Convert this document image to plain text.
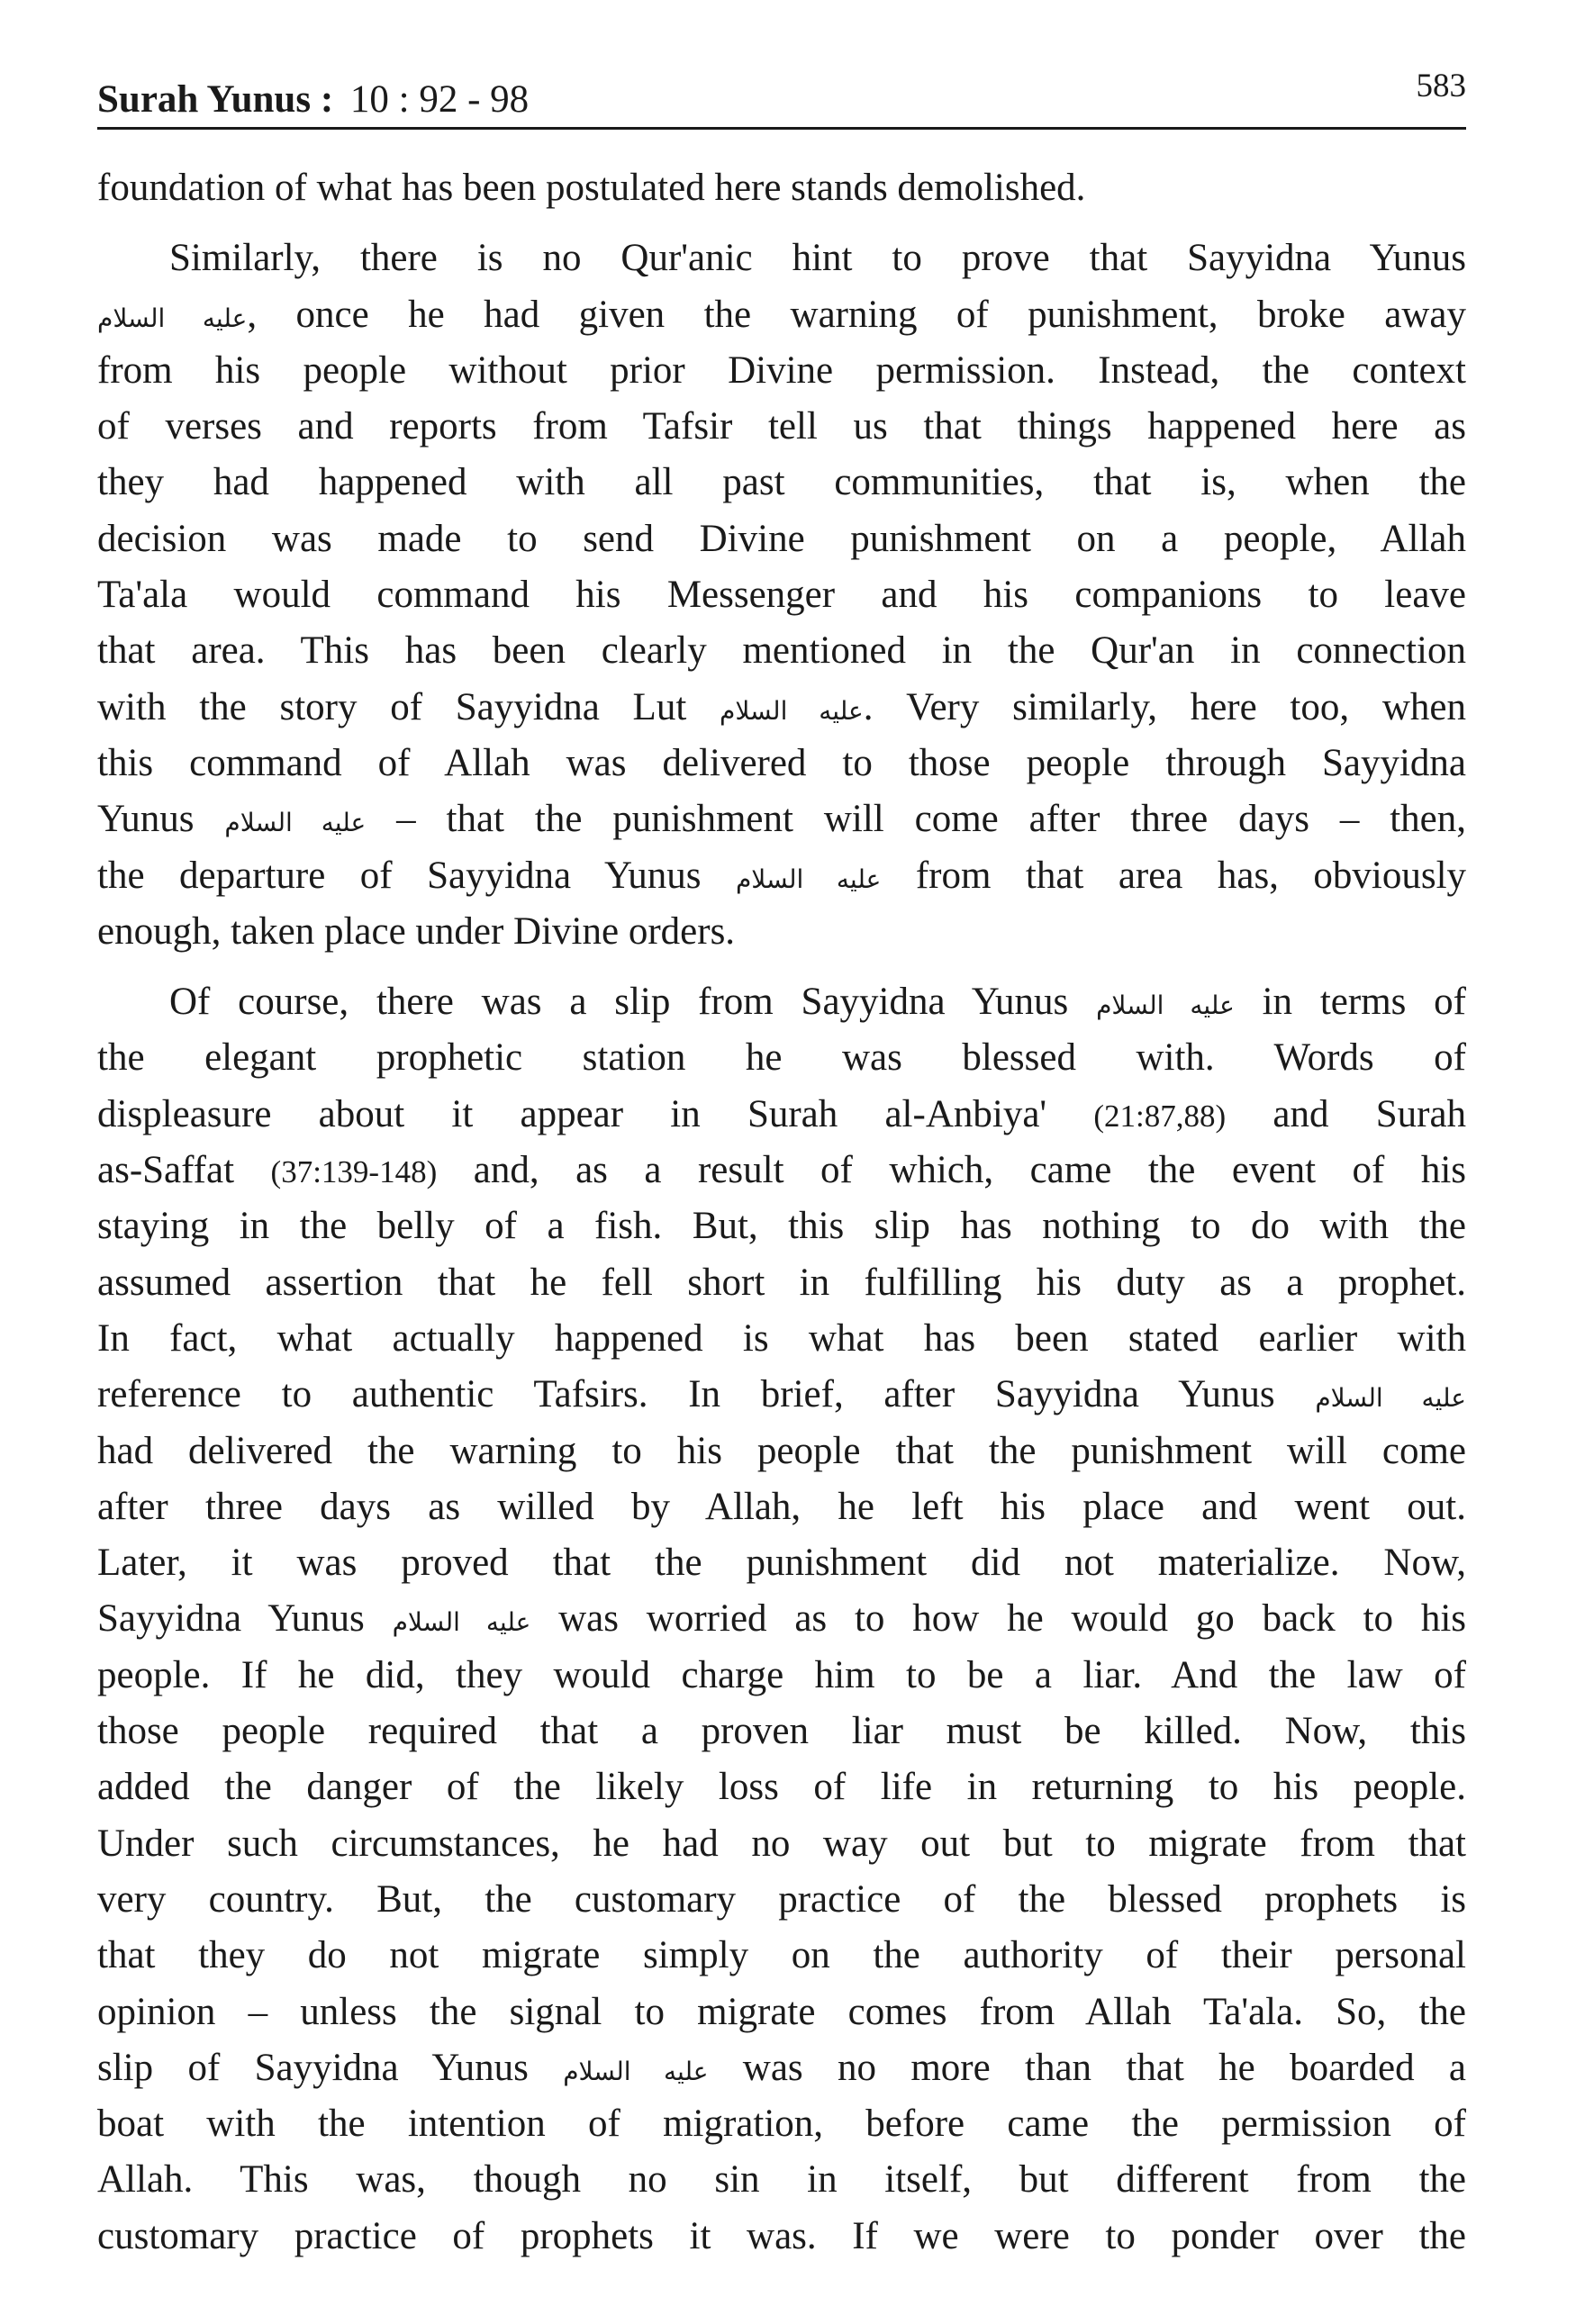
Surah Yunus : 10 : 92 - 98	583
foundation of what has been postulated here stands demolished.
Similarly, there is no Qur'anic hint to prove that Sayyidna Yunus
عليه السلام, once he had given the warning of punishment, broke away
from his people without prior Divine permission. Instead, the context
of verses and reports from Tafsir tell us that things happened here as
they had happened with all past communities, that is, when the
decision was made to send Divine punishment on a people, Allah
Ta'ala would command his Messenger and his companions to leave
that area. This has been clearly mentioned in the Qur'an in connection
with the story of Sayyidna Lut عليه السلام. Very similarly, here too, when
this command of Allah was delivered to those people through Sayyidna
Yunus عليه السلام – that the punishment will come after three days – then,
the departure of Sayyidna Yunus عليه السلام from that area has, obviously
enough, taken place under Divine orders.
Of course, there was a slip from Sayyidna Yunus عليه السلام in terms of
the elegant prophetic station he was blessed with. Words of
displeasure about it appear in Surah al-Anbiya' (21:87,88) and Surah
as-Saffat (37:139-148) and, as a result of which, came the event of his
staying in the belly of a fish. But, this slip has nothing to do with the
assumed assertion that he fell short in fulfilling his duty as a prophet.
In fact, what actually happened is what has been stated earlier with
reference to authentic Tafsirs. In brief, after Sayyidna Yunus عليه السلام
had delivered the warning to his people that the punishment will come
after three days as willed by Allah, he left his place and went out.
Later, it was proved that the punishment did not materialize. Now,
Sayyidna Yunus عليه السلام was worried as to how he would go back to his
people. If he did, they would charge him to be a liar. And the law of
those people required that a proven liar must be killed. Now, this
added the danger of the likely loss of life in returning to his people.
Under such circumstances, he had no way out but to migrate from that
very country. But, the customary practice of the blessed prophets is
that they do not migrate simply on the authority of their personal
opinion – unless the signal to migrate comes from Allah Ta'ala. So, the
slip of Sayyidna Yunus عليه السلام was no more than that he boarded a
boat with the intention of migration, before came the permission of
Allah. This was, though no sin in itself, but different from the
customary practice of prophets it was. If we were to ponder over the
